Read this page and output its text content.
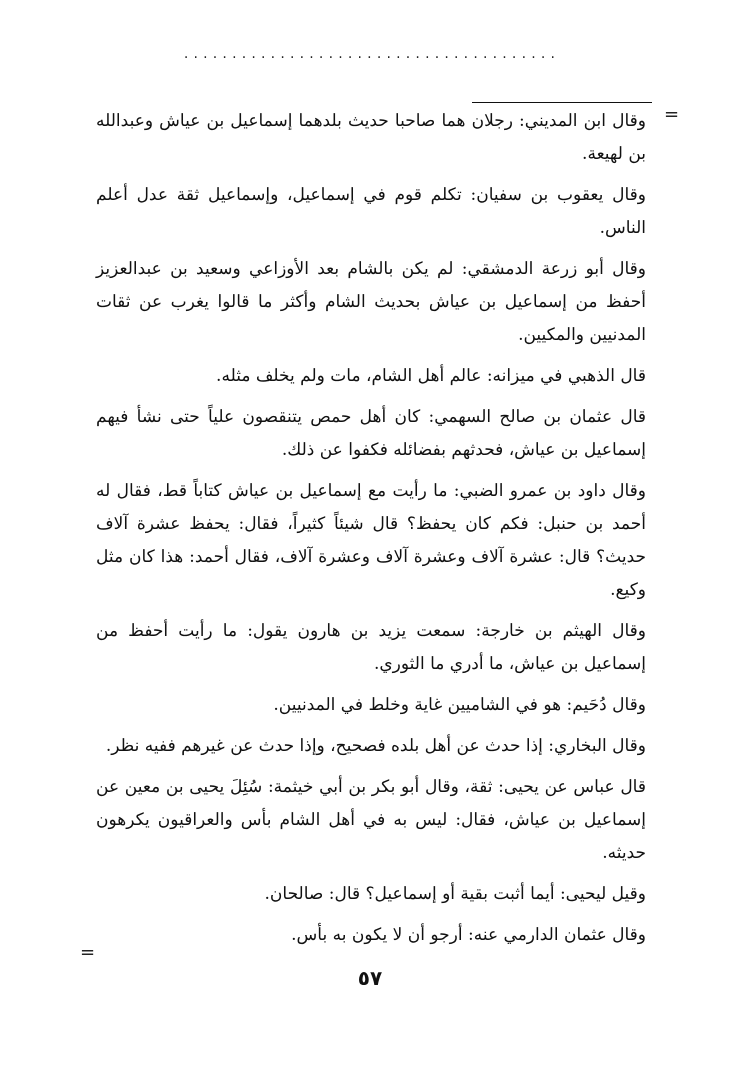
·······································
=

وقال ابن المديني: رجلان هما صاحبا حديث بلدهما إسماعيل بن عياش وعبدالله بن لهيعة.

وقال يعقوب بن سفيان: تكلم قوم في إسماعيل، وإسماعيل ثقة عدل أعلم الناس.

وقال أبو زرعة الدمشقي: لم يكن بالشام بعد الأوزاعي وسعيد بن عبدالعزيز أحفظ من إسماعيل بن عياش بحديث الشام وأكثر ما قالوا يغرب عن ثقات المدنيين والمكيين.

قال الذهبي في ميزانه: عالم أهل الشام، مات ولم يخلف مثله.

قال عثمان بن صالح السهمي: كان أهل حمص يتنقصون علياً حتى نشأ فيهم إسماعيل بن عياش، فحدثهم بفضائله فكفوا عن ذلك.

وقال داود بن عمرو الضبي: ما رأيت مع إسماعيل بن عياش كتاباً قط، فقال له أحمد بن حنبل: فكم كان يحفظ؟ قال شيئاً كثيراً، فقال: يحفظ عشرة آلاف حديث؟ قال: عشرة آلاف وعشرة آلاف وعشرة آلاف، فقال أحمد: هذا كان مثل وكيع.

وقال الهيثم بن خارجة: سمعت يزيد بن هارون يقول: ما رأيت أحفظ من إسماعيل بن عياش، ما أدري ما الثوري.

وقال دُحَيم: هو في الشاميين غاية وخلط في المدنيين.

وقال البخاري: إذا حدث عن أهل بلده فصحيح، وإذا حدث عن غيرهم ففيه نظر.

قال عباس عن يحيى: ثقة، وقال أبو بكر بن أبي خيثمة: سُئِلَ يحيى بن معين عن إسماعيل بن عياش، فقال: ليس به في أهل الشام بأس والعراقيون يكرهون حديثه.

وقيل ليحيى: أيما أثبت بقية أو إسماعيل؟ قال: صالحان.

وقال عثمان الدارمي عنه: أرجو أن لا يكون به بأس.

=
٥٧
